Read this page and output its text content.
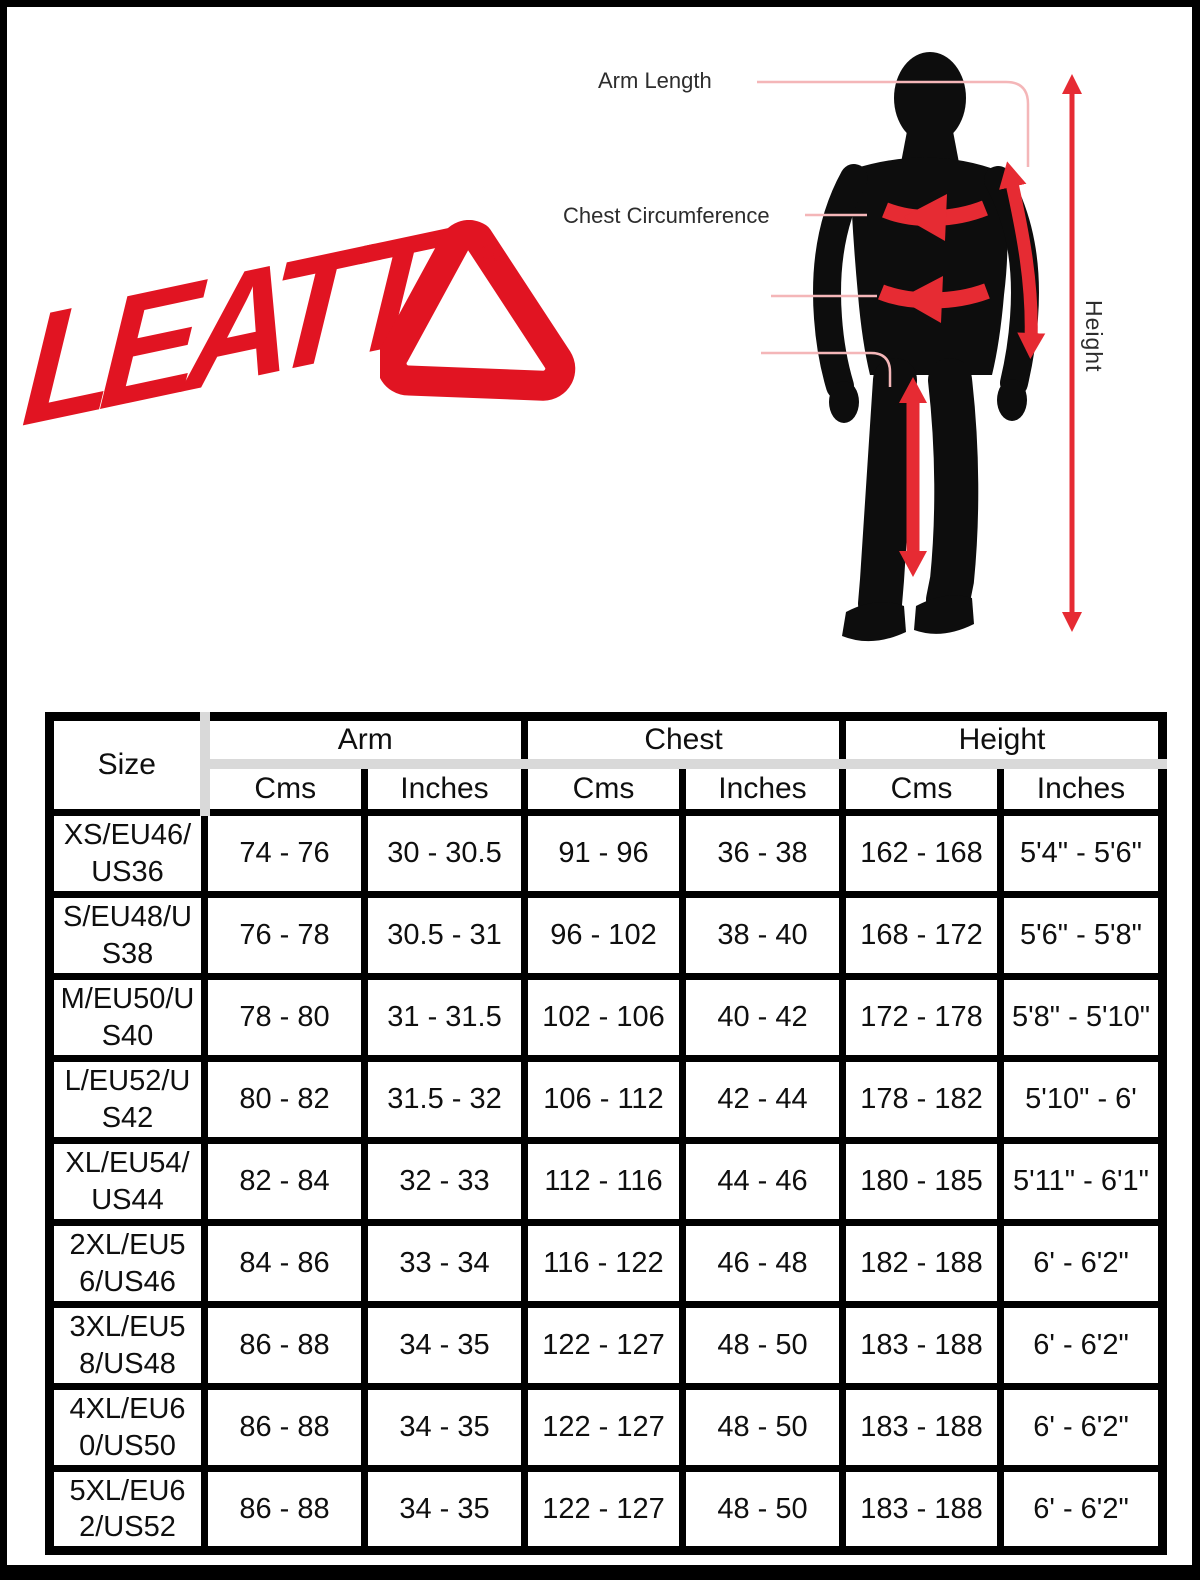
LEATT ®
Arm Length
Chest Circumference
Height
Size	Arm		Chest		Height	
	Cms	Inches	Cms	Inches	Cms	Inches
XS/EU46/US36	74 - 76	30 - 30.5	91 - 96	36 - 38	162 - 168	5'4" - 5'6"
S/EU48/US38	76 - 78	30.5 - 31	96 - 102	38 - 40	168 - 172	5'6" - 5'8"
M/EU50/US40	78 - 80	31 - 31.5	102 - 106	40 - 42	172 - 178	5'8" - 5'10"
L/EU52/US42	80 - 82	31.5 - 32	106 - 112	42 - 44	178 - 182	5'10" - 6'
XL/EU54/US44	82 - 84	32 - 33	112 - 116	44 - 46	180 - 185	5'11" - 6'1"
2XL/EU56/US46	84 - 86	33 - 34	116 - 122	46 - 48	182 - 188	6' - 6'2"
3XL/EU58/US48	86 - 88	34 - 35	122 - 127	48 - 50	183 - 188	6' - 6'2"
4XL/EU60/US50	86 - 88	34 - 35	122 - 127	48 - 50	183 - 188	6' - 6'2"
5XL/EU62/US52	86 - 88	34 - 35	122 - 127	48 - 50	183 - 188	6' - 6'2"
